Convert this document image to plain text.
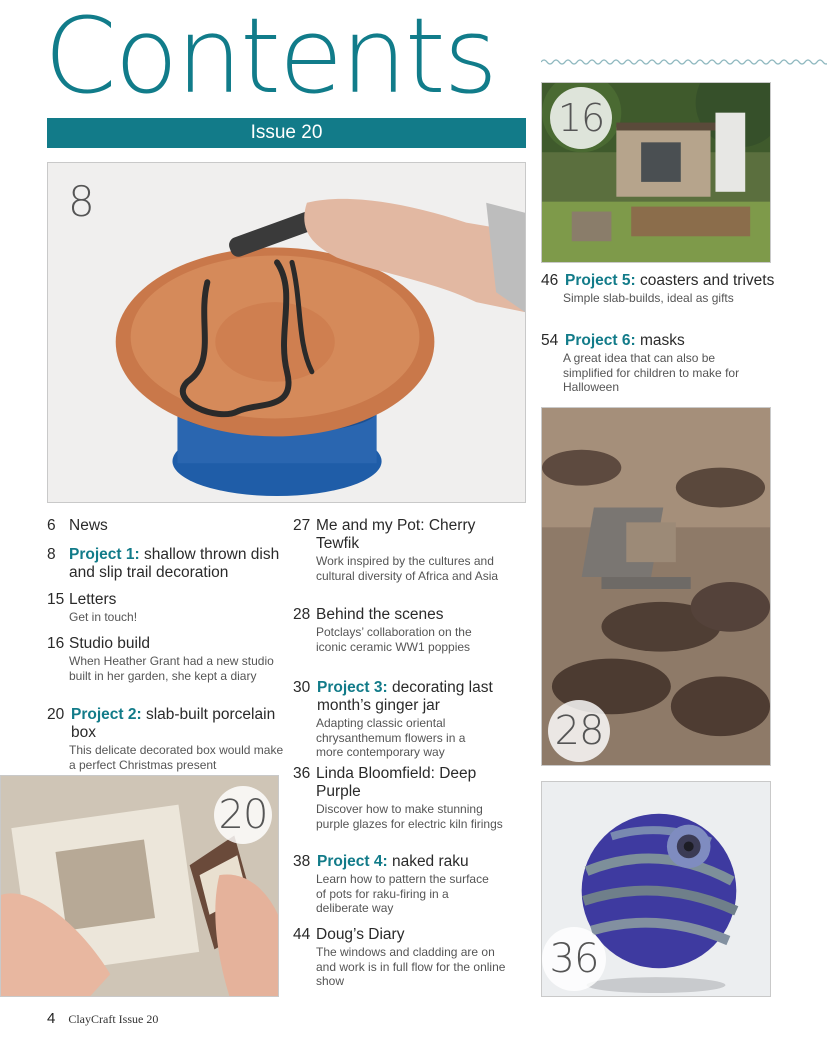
Contents
Issue 20
8
16
46 Project 5: coasters and trivets
Simple slab-builds, ideal as gifts
54 Project 6: masks
A great idea that can also be simplified for children to make for Halloween
28
36
20
6 News
8 Project 1: shallow thrown dish and slip trail decoration
15 Letters
Get in touch!
16 Studio build
When Heather Grant had a new studio built in her garden, she kept a diary
20 Project 2: slab-built porcelain box
This delicate decorated box would make a perfect Christmas present
27 Me and my Pot: Cherry Tewfik
Work inspired by the cultures and cultural diversity of Africa and Asia
28 Behind the scenes
Potclays’ collaboration on the iconic ceramic WW1 poppies
30 Project 3: decorating last month’s ginger jar
Adapting classic oriental chrysanthemum flowers in a more contemporary way
36 Linda Bloomfield: Deep Purple
Discover how to make stunning purple glazes for electric kiln firings
38 Project 4: naked raku
Learn how to pattern the surface of pots for raku-firing in a deliberate way
44 Doug’s Diary
The windows and cladding are on and work is in full flow for the online show
4 ClayCraft Issue 20
